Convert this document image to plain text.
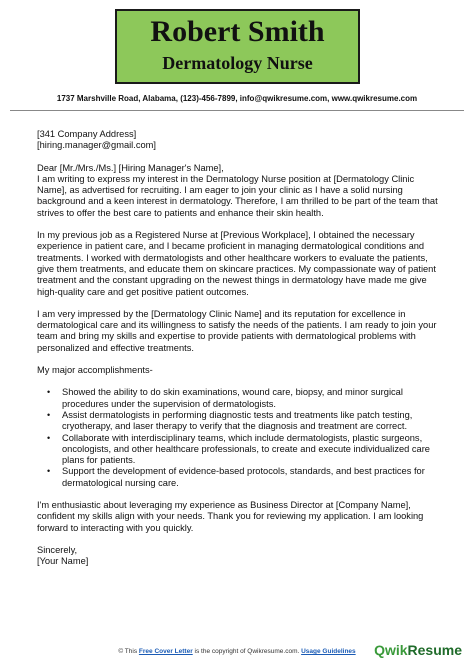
Robert Smith
Dermatology Nurse
1737 Marshville Road, Alabama, (123)-456-7899, info@qwikresume.com, www.qwikresume.com

[341 Company Address]
[hiring.manager@gmail.com]

Dear [Mr./Mrs./Ms.] [Hiring Manager's Name],

I am writing to express my interest in the Dermatology Nurse position at [Dermatology Clinic Name], as advertised for recruiting. I am eager to join your clinic as I have a solid nursing background and a keen interest in dermatology. Therefore, I am thrilled to be part of the team that strives to offer the best care to patients and enhance their skin health.

In my previous job as a Registered Nurse at [Previous Workplace], I obtained the necessary experience in patient care, and I became proficient in managing dermatological conditions and treatments. I worked with dermatologists and other healthcare workers to evaluate the patients, give them treatments, and educate them on skincare practices. My compassionate way of patient treatment and the constant upgrading on the newest things in dermatology have made me give high-quality care and get positive patient outcomes.

I am very impressed by the [Dermatology Clinic Name] and its reputation for excellence in dermatological care and its willingness to satisfy the needs of the patients. I am ready to join your team and bring my skills and expertise to provide patients with dermatological problems with personalized and effective treatments.

My major accomplishments-

• Showed the ability to do skin examinations, wound care, biopsy, and minor surgical procedures under the supervision of dermatologists.
• Assist dermatologists in performing diagnostic tests and treatments like patch testing, cryotherapy, and laser therapy to verify that the diagnosis and treatment are correct.
• Collaborate with interdisciplinary teams, which include dermatologists, plastic surgeons, oncologists, and other healthcare professionals, to create and execute individualized care plans for patients.
• Support the development of evidence-based protocols, standards, and best practices for dermatological nursing care.

I'm enthusiastic about leveraging my experience as Business Director at [Company Name], confident my skills align with your needs. Thank you for reviewing my application. I am looking forward to interacting with you quickly.

Sincerely,
[Your Name]

© This Free Cover Letter is the copyright of Qwikresume.com. Usage Guidelines	QwikResume
